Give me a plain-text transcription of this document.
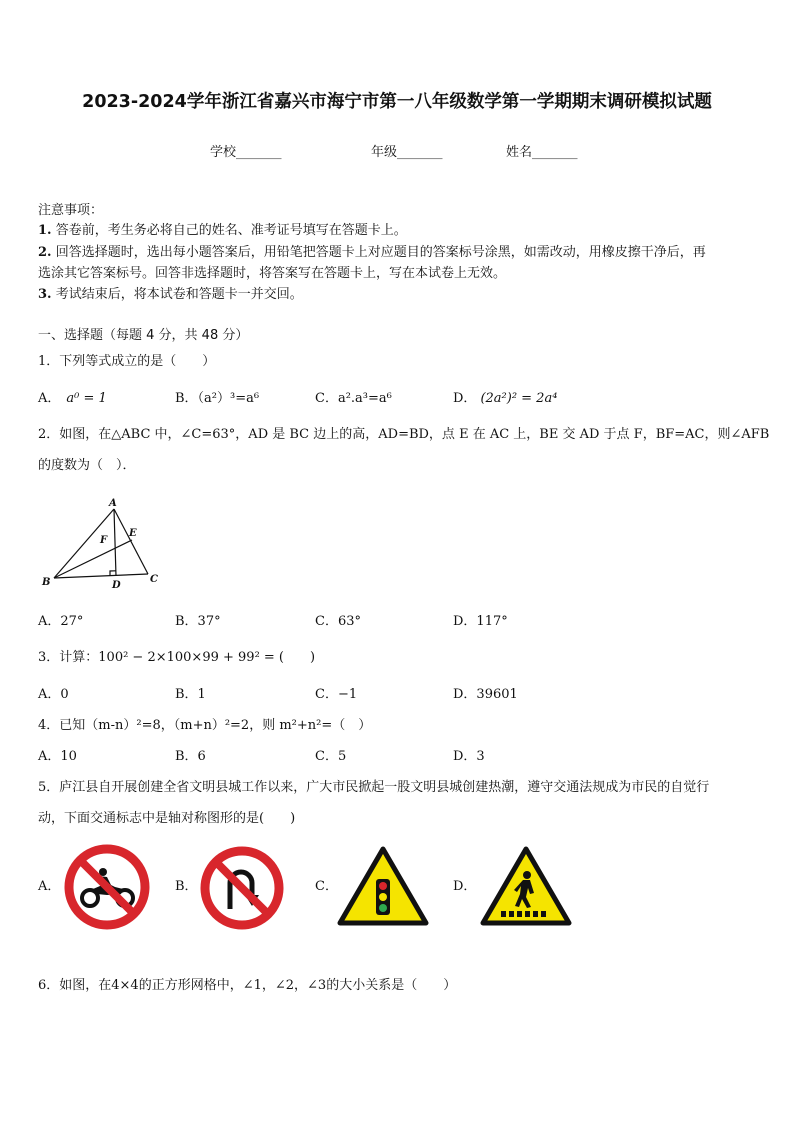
2023-2024学年浙江省嘉兴市海宁市第一八年级数学第一学期期末调研模拟试题
学校_______	年级_______	姓名_______
注意事项：
1. 答卷前，考生务必将自己的姓名、准考证号填写在答题卡上。
2. 回答选择题时，选出每小题答案后，用铅笔把答题卡上对应题目的答案标号涂黑，如需改动，用橡皮擦干净后，再
选涂其它答案标号。回答非选择题时，将答案写在答题卡上，写在本试卷上无效。
3. 考试结束后，将本试卷和答题卡一并交回。
一、选择题（每题 4 分，共 48 分）
1．下列等式成立的是（　　）
A． a⁰ = 1	B．（a²）³=a⁶	C．a².a³=a⁶	D． (2a²)² = 2a⁴
2．如图，在△ABC 中，∠C=63°，AD 是 BC 边上的高，AD=BD，点 E 在 AC 上，BE 交 AD 于点 F，BF=AC，则∠AFB
的度数为（　）．
A
B	C
D
E
F
A．27°	B．37°	C．63°	D．117°
3．计算：100² − 2×100×99 + 99² = (　　)
A．0	B．1	C．−1	D．39601
4．已知（m-n）²=8，（m+n）²=2，则 m²+n²=（　）
A．10	B．6	C．5	D．3
5．庐江县自开展创建全省文明县城工作以来，广大市民掀起一股文明县城创建热潮，遵守交通法规成为市民的自觉行
动，下面交通标志中是轴对称图形的是(　　)
A．	B．	C．	D．
6．如图，在4×4的正方形网格中，∠1，∠2，∠3的大小关系是（　　）
